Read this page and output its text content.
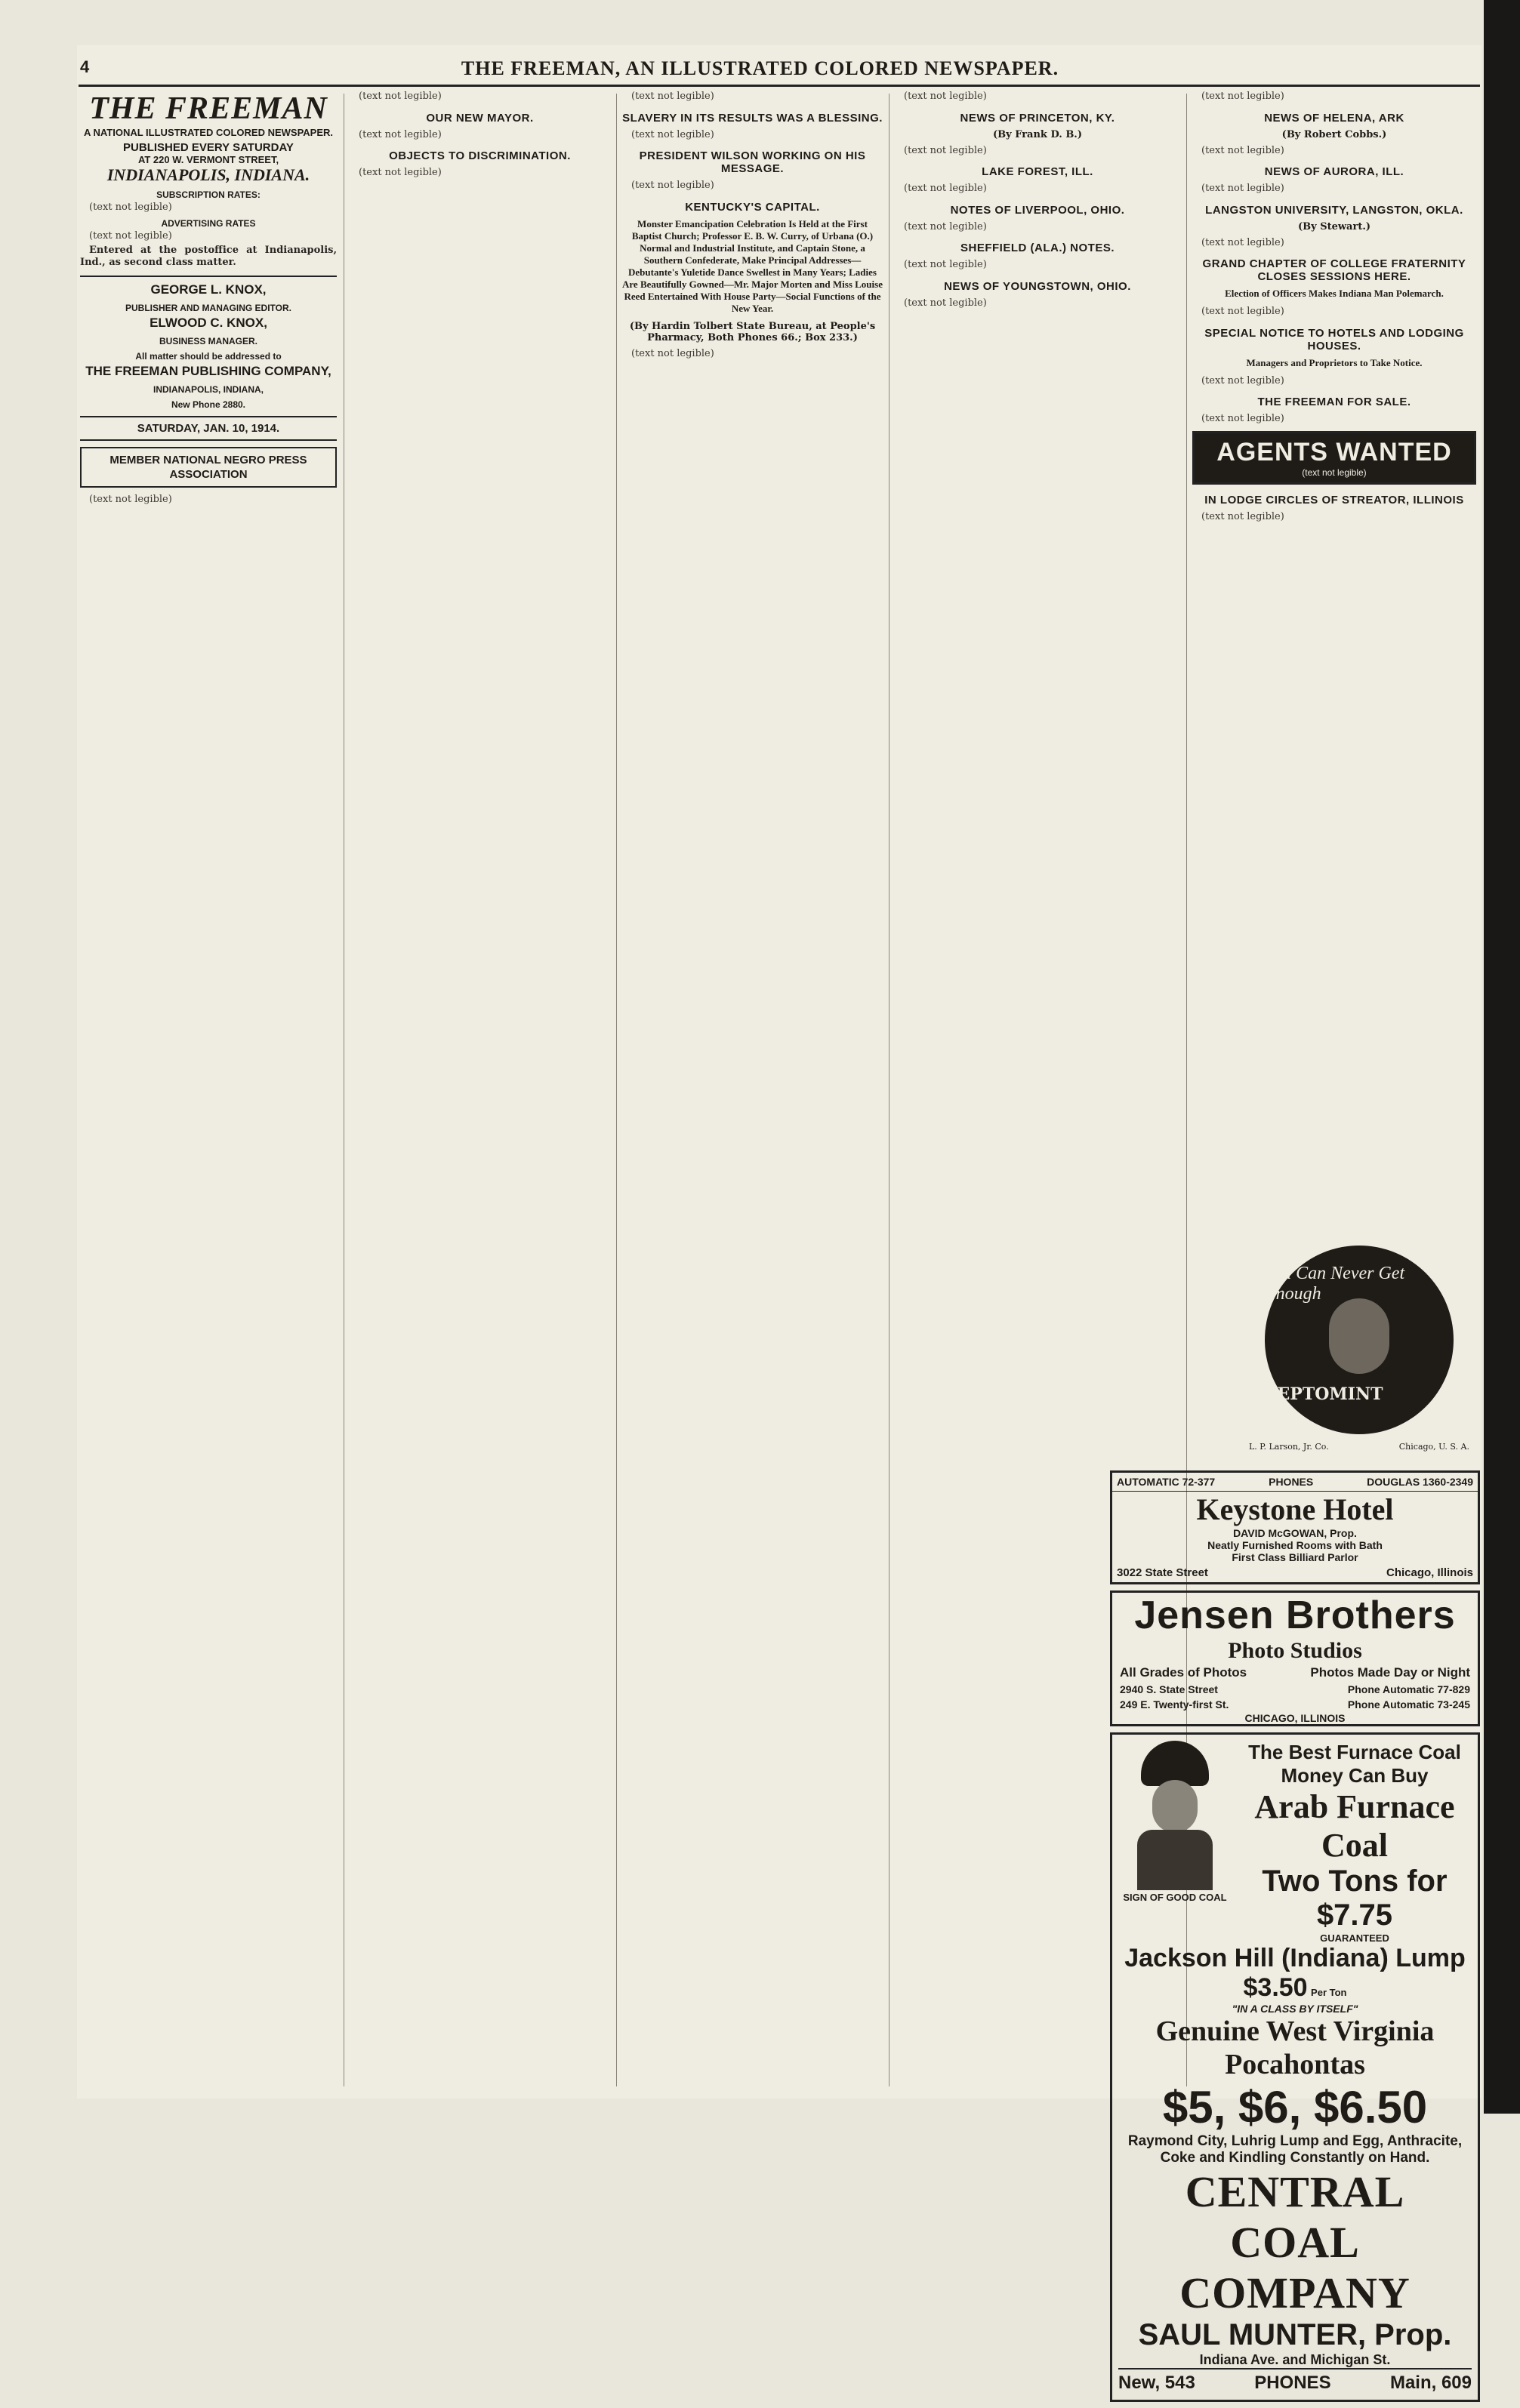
4	THE FREEMAN, AN ILLUSTRATED COLORED NEWSPAPER.
THE FREEMAN
A NATIONAL ILLUSTRATED COLORED NEWSPAPER.
PUBLISHED EVERY SATURDAY
AT 220 W. VERMONT STREET,
INDIANAPOLIS, INDIANA.
SUBSCRIPTION RATES:

(text not legible)

ADVERTISING RATES

(text not legible)

Entered at the postoffice at Indianapolis, Ind., as second class matter.

GEORGE L. KNOX,
PUBLISHER AND MANAGING EDITOR.
ELWOOD C. KNOX,
BUSINESS MANAGER.
All matter should be addressed to
THE FREEMAN PUBLISHING COMPANY,
INDIANAPOLIS, INDIANA,
New Phone 2880.
SATURDAY, JAN. 10, 1914.
MEMBER NATIONAL NEGRO PRESS ASSOCIATION

(text not legible)

(text not legible)

OUR NEW MAYOR.

(text not legible)

OBJECTS TO DISCRIMINATION.

(text not legible)

(text not legible)

SLAVERY IN ITS RESULTS WAS A BLESSING.

(text not legible)

PRESIDENT WILSON WORKING ON HIS MESSAGE.

(text not legible)

KENTUCKY'S CAPITAL.
Monster Emancipation Celebration Is Held at the First Baptist Church; Professor E. B. W. Curry, of Urbana (O.) Normal and Industrial Institute, and Captain Stone, a Southern Confederate, Make Principal Addresses—Debutante's Yuletide Dance Swellest in Many Years; Ladies Are Beautifully Gowned—Mr. Major Morten and Miss Louise Reed Entertained With House Party—Social Functions of the New Year.
(By Hardin Tolbert State Bureau, at People's Pharmacy, Both Phones 66.; Box 233.)

(text not legible)

(text not legible)

NEWS OF PRINCETON, KY.
(By Frank D. B.)

(text not legible)

LAKE FOREST, ILL.

(text not legible)

NOTES OF LIVERPOOL, OHIO.

(text not legible)

SHEFFIELD (ALA.) NOTES.

(text not legible)

NEWS OF YOUNGSTOWN, OHIO.

(text not legible)

(text not legible)

NEWS OF HELENA, ARK
(By Robert Cobbs.)

(text not legible)

NEWS OF AURORA, ILL.

(text not legible)

LANGSTON UNIVERSITY, LANGSTON, OKLA.
(By Stewart.)

(text not legible)

GRAND CHAPTER OF COLLEGE FRATERNITY CLOSES SESSIONS HERE.
Election of Officers Makes Indiana Man Polemarch.

(text not legible)

SPECIAL NOTICE TO HOTELS AND LODGING HOUSES.
Managers and Proprietors to Take Notice.

(text not legible)

THE FREEMAN FOR SALE.

(text not legible)

AGENTS WANTED
(text not legible)
IN LODGE CIRCLES OF STREATOR, ILLINOIS

(text not legible)

You Can Never Get Enough
PEPTOMINT
L. P. Larson, Jr. Co.	Chicago, U. S. A.
AUTOMATIC 72-377	PHONES	DOUGLAS 1360-2349
Keystone Hotel
DAVID McGOWAN, Prop.
Neatly Furnished Rooms with Bath
First Class Billiard Parlor
3022 State Street	Chicago, Illinois
Jensen Brothers
Photo Studios
All Grades of Photos	Photos Made Day or Night
2940 S. State Street	Phone Automatic 77-829
249 E. Twenty-first St.	Phone Automatic 73-245
CHICAGO, ILLINOIS
SIGN OF GOOD COAL
The Best Furnace Coal
Money Can Buy
Arab Furnace Coal
Two Tons for $7.75
GUARANTEED
Jackson Hill (Indiana) Lump $3.50 Per Ton
"IN A CLASS BY ITSELF"
Genuine West Virginia Pocahontas
$5, $6, $6.50
Raymond City, Luhrig Lump and Egg, Anthracite, Coke and Kindling Constantly on Hand.
CENTRAL COAL COMPANY
SAUL MUNTER, Prop.
Indiana Ave. and Michigan St.
New, 543	PHONES	Main, 609
